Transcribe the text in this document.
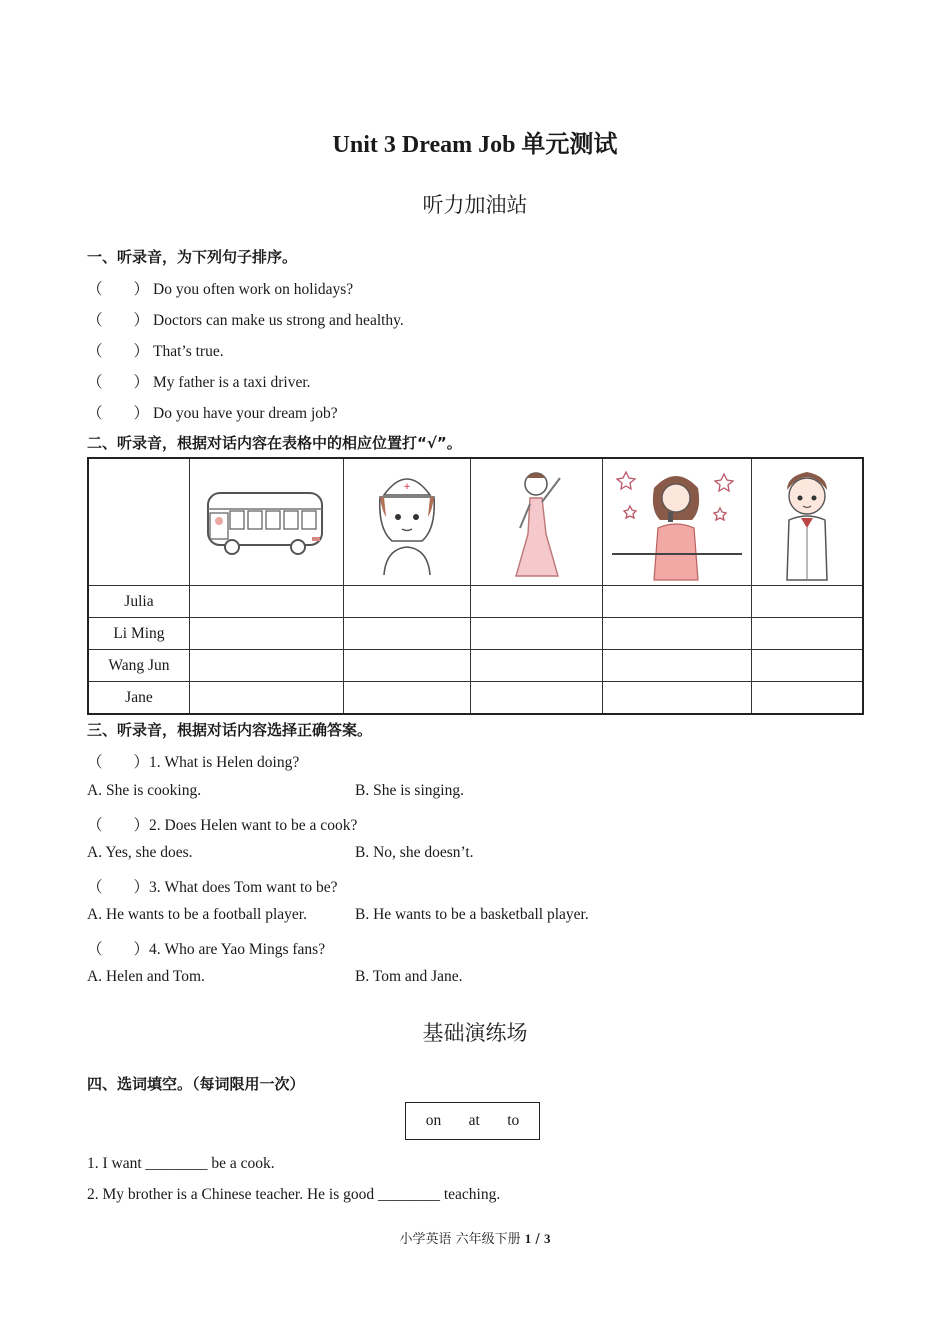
Unit 3 Dream Job 单元测试
听力加油站
一、听录音，为下列句子排序。
（　　） Do you often work on holidays?
（　　） Doctors can make us strong and healthy.
（　　） That’s true.
（　　） My father is a taxi driver.
（　　） Do you have your dream job?
二、听录音，根据对话内容在表格中的相应位置打“√”。

+

Julia					
Li Ming					
Wang Jun					
Jane					
三、听录音，根据对话内容选择正确答案。
（　　）1. What is Helen doing?
A. She is cooking.	B. She is singing.
（　　）2. Does Helen want to be a cook?
A. Yes, she does.	B. No, she doesn’t.
（　　）3. What does Tom want to be?
A. He wants to be a football player.	B. He wants to be a basketball player.
（　　）4. Who are Yao Mings fans?
A. Helen and Tom.	B. Tom and Jane.
基础演练场
四、选词填空。（每词限用一次）
on at to
1. I want ________ be a cook.
2. My brother is a Chinese teacher. He is good ________ teaching.
小学英语 六年级下册 1 / 3
